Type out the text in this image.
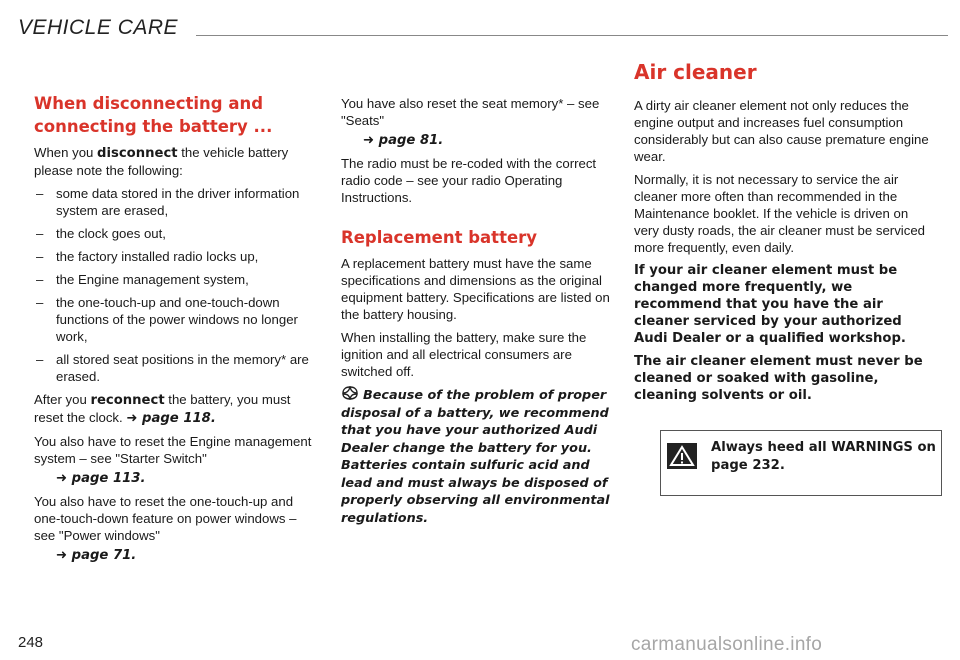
VEHICLE CARE
Air cleaner
When disconnecting and connecting the battery ...

When you disconnect the vehicle battery please note the following:

– some data stored in the driver information system are erased,
– the clock goes out,
– the factory installed radio locks up,
– the Engine management system,
– the one-touch-up and one-touch-down functions of the power windows no longer work,
– all stored seat positions in the memory* are erased.

After you reconnect the battery, you must reset the clock. ➜ page 118.

You also have to reset the Engine management system – see "Starter Switch"

➜ page 113.

You also have to reset the one-touch-up and one-touch-down feature on power windows – see "Power windows"

➜ page 71.

You have also reset the seat memory* – see "Seats"

➜ page 81.

The radio must be re-coded with the correct radio code – see your radio Operating Instructions.

Replacement battery

A replacement battery must have the same specifications and dimensions as the original equipment battery. Specifications are listed on the battery housing.

When installing the battery, make sure the ignition and all electrical consumers are switched off.

Because of the problem of proper disposal of a battery, we recommend that you have your authorized Audi Dealer change the battery for you. Batteries contain sulfuric acid and lead and must always be disposed of properly observing all environmental regulations.

A dirty air cleaner element not only reduces the engine output and increases fuel consumption considerably but can also cause premature engine wear.

Normally, it is not necessary to service the air cleaner more often than recommended in the Maintenance booklet. If the vehicle is driven on very dusty roads, the air cleaner must be serviced more frequently, even daily.

If your air cleaner element must be changed more frequently, we recommend that you have the air cleaner serviced by your authorized Audi Dealer or a qualified workshop.

The air cleaner element must never be cleaned or soaked with gasoline, cleaning solvents or oil.

Always heed all WARNINGS on page 232.
248	carmanualsonline.info
